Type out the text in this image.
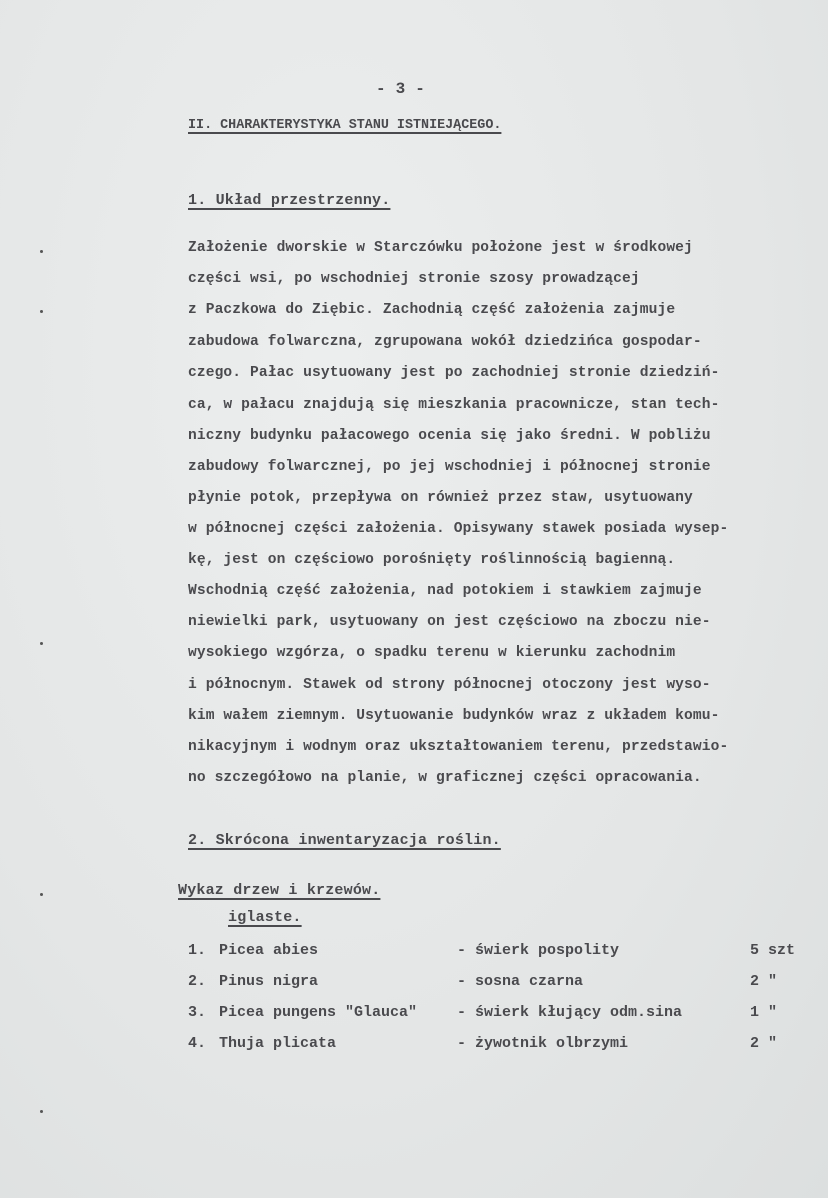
- 3 -
II. CHARAKTERYSTYKA STANU ISTNIEJĄCEGO.
1. Układ przestrzenny.
Założenie dworskie w Starczówku położone jest w środkowej
części wsi, po wschodniej stronie szosy prowadzącej
z Paczkowa do Ziębic. Zachodnią część założenia zajmuje
zabudowa folwarczna, zgrupowana wokół dziedzińca gospodar-
czego. Pałac usytuowany jest po zachodniej stronie dziedziń-
ca, w pałacu znajdują się mieszkania pracownicze, stan tech-
niczny budynku pałacowego ocenia się jako średni. W pobliżu
zabudowy folwarcznej, po jej wschodniej i północnej stronie
płynie potok, przepływa on również przez staw, usytuowany
w północnej części założenia. Opisywany stawek posiada wysep-
kę, jest on częściowo porośnięty roślinnością bagienną.
Wschodnią część założenia, nad potokiem i stawkiem zajmuje
niewielki park, usytuowany on jest częściowo na zboczu nie-
wysokiego wzgórza, o spadku terenu w kierunku zachodnim
i północnym. Stawek od strony północnej otoczony jest wyso-
kim wałem ziemnym. Usytuowanie budynków wraz z układem komu-
nikacyjnym i wodnym oraz ukształtowaniem terenu, przedstawio-
no szczegółowo na planie, w graficznej części opracowania.
2. Skrócona inwentaryzacja roślin.
Wykaz drzew i krzewów.
iglaste.
1. Picea abies	- świerk pospolity	5 szt
2. Pinus nigra	- sosna czarna	2 "
3. Picea pungens "Glauca"	- świerk kłujący odm.sina	1 "
4. Thuja plicata	- żywotnik olbrzymi	2 "
